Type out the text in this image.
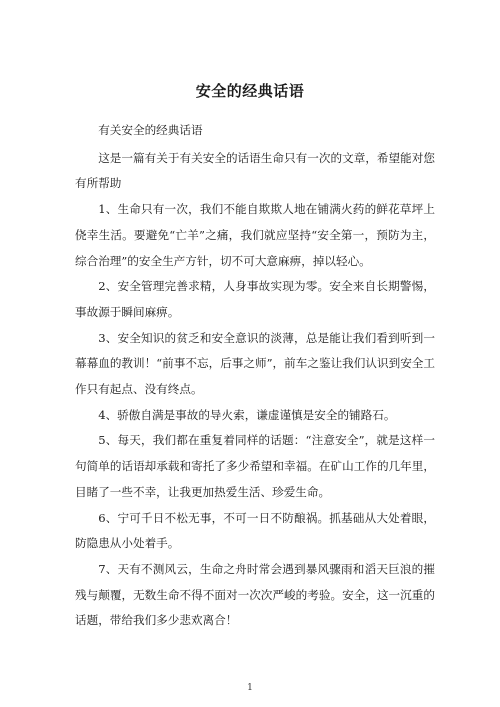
安全的经典话语

有关安全的经典话语

这是一篇有关于有关安全的话语生命只有一次的文章，希望能对您有所帮助

1、生命只有一次，我们不能自欺欺人地在铺满火药的鲜花草坪上侥幸生活。要避免“亡羊”之痛，我们就应坚持“安全第一，预防为主，综合治理”的安全生产方针，切不可大意麻痹，掉以轻心。

2、安全管理完善求精，人身事故实现为零。安全来自长期警惕，事故源于瞬间麻痹。

3、安全知识的贫乏和安全意识的淡薄，总是能让我们看到听到一幕幕血的教训！“前事不忘，后事之师”，前车之鉴让我们认识到安全工作只有起点、没有终点。

4、骄傲自满是事故的导火索，谦虚谨慎是安全的铺路石。

5、每天，我们都在重复着同样的话题：“注意安全”，就是这样一句简单的话语却承载和寄托了多少希望和幸福。在矿山工作的几年里，目睹了一些不幸，让我更加热爱生活、珍爱生命。

6、宁可千日不松无事，不可一日不防酿祸。抓基础从大处着眼，防隐患从小处着手。

7、天有不测风云，生命之舟时常会遇到暴风骤雨和滔天巨浪的摧残与颠覆，无数生命不得不面对一次次严峻的考验。安全，这一沉重的话题，带给我们多少悲欢离合！

1
